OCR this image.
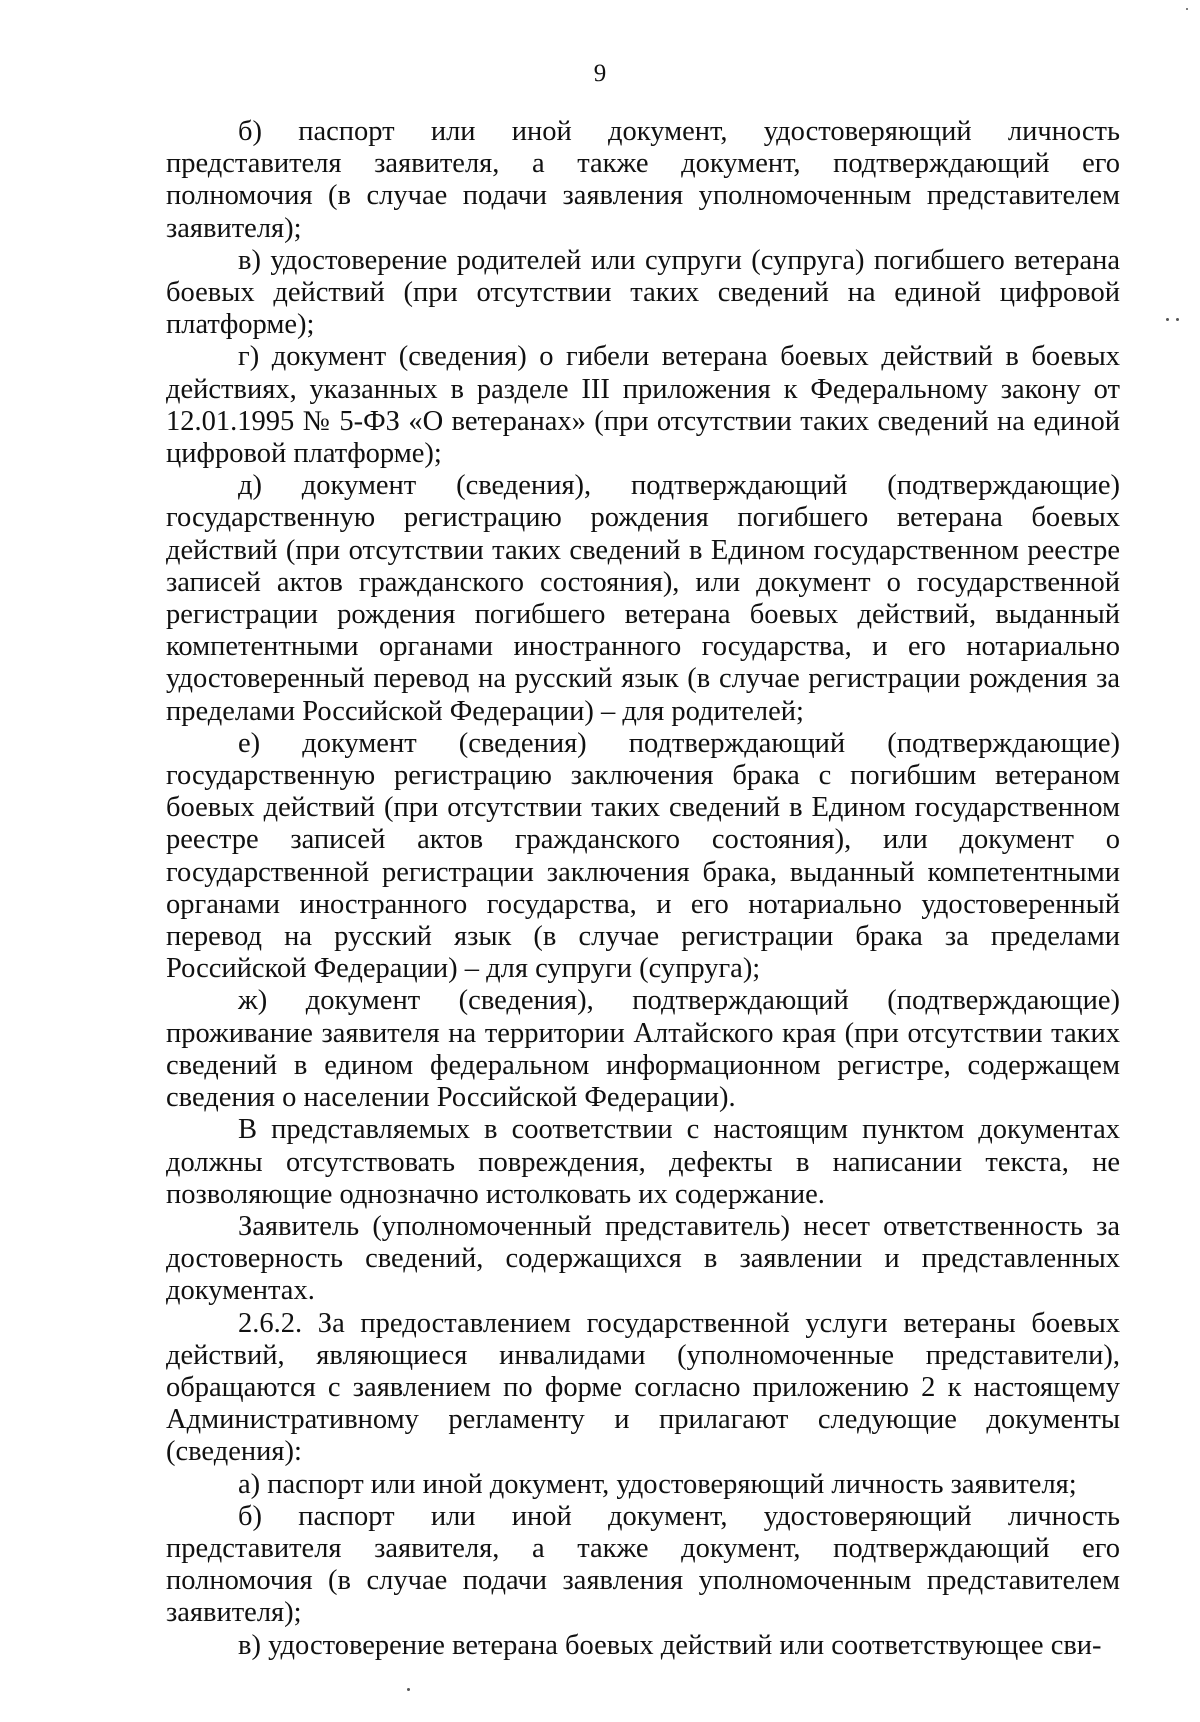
9

б) паспорт или иной документ, удостоверяющий личность представителя заявителя, а также документ, подтверждающий его полномочия (в случае подачи заявления уполномоченным представителем заявителя);

в) удостоверение родителей или супруги (супруга) погибшего ветерана боевых действий (при отсутствии таких сведений на единой цифровой платформе);

г) документ (сведения) о гибели ветерана боевых действий в боевых действиях, указанных в разделе III приложения к Федеральному закону от 12.01.1995 № 5-ФЗ «О ветеранах» (при отсутствии таких сведений на единой цифровой платформе);

д) документ (сведения), подтверждающий (подтверждающие) государственную регистрацию рождения погибшего ветерана боевых действий (при отсутствии таких сведений в Едином государственном реестре записей актов гражданского состояния), или документ о государственной регистрации рождения погибшего ветерана боевых действий, выданный компетентными органами иностранного государства, и его нотариально удостоверенный перевод на русский язык (в случае регистрации рождения за пределами Российской Федерации) – для родителей;

е) документ (сведения) подтверждающий (подтверждающие) государственную регистрацию заключения брака с погибшим ветераном боевых действий (при отсутствии таких сведений в Едином государственном реестре записей актов гражданского состояния), или документ о государственной регистрации заключения брака, выданный компетентными органами иностранного государства, и его нотариально удостоверенный перевод на русский язык (в случае регистрации брака за пределами Российской Федерации) – для супруги (супруга);

ж) документ (сведения), подтверждающий (подтверждающие) проживание заявителя на территории Алтайского края (при отсутствии таких сведений в едином федеральном информационном регистре, содержащем сведения о населении Российской Федерации).

В представляемых в соответствии с настоящим пунктом документах должны отсутствовать повреждения, дефекты в написании текста, не позволяющие однозначно истолковать их содержание.

Заявитель (уполномоченный представитель) несет ответственность за достоверность сведений, содержащихся в заявлении и представленных документах.

2.6.2. За предоставлением государственной услуги ветераны боевых действий, являющиеся инвалидами (уполномоченные представители), обращаются с заявлением по форме согласно приложению 2 к настоящему Административному регламенту и прилагают следующие документы (сведения):

а) паспорт или иной документ, удостоверяющий личность заявителя;

б) паспорт или иной документ, удостоверяющий личность представителя заявителя, а также документ, подтверждающий его полномочия (в случае подачи заявления уполномоченным представителем заявителя);

в) удостоверение ветерана боевых действий или соответствующее сви-
